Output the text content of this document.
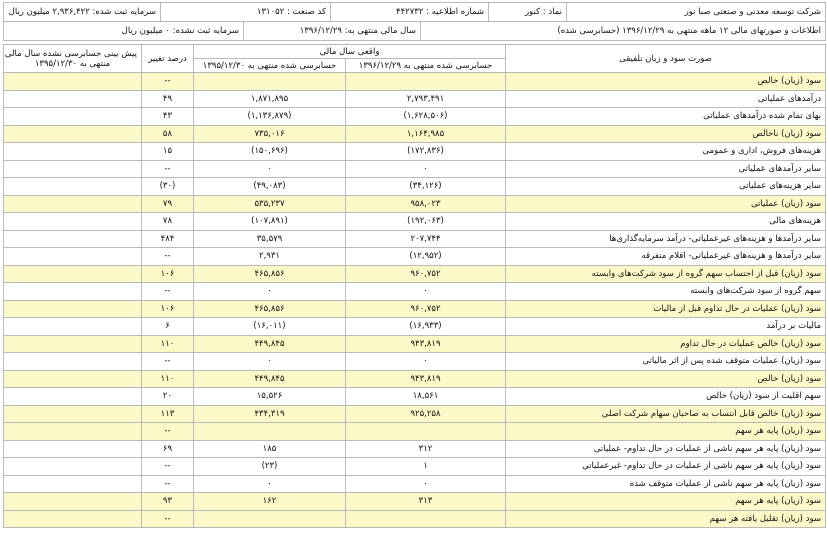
سرمایه ثبت شده: ۲,۹۳۶,۴۲۲ میلیون ریال	کد صنعت : ۱۳۱۰۵۲		شماره اطلاعیه : ۴۴۲۷۳۲		نماد : کنور	شرکت توسعه معدنی و صنعتی صبا نور
سرمایه ثبت نشده: ۰ میلیون ریال		سال مالی منتهی به: ۱۳۹۶/۱۲/۲۹		اطلاعات و صورتهای مالی ۱۲ ماهه منتهی به ۱۳۹۶/۱۲/۲۹ (حسابرسی شده)		
پیش بینی حسابرسی نشده سال مالی
منتهی به ۱۳۹۵/۱۲/۳۰	درصد تغییر	واقعی سال مالی		صورت سود و زیان تلفیقی
		حسابرسی شده منتهی به ۱۳۹۵/۱۲/۳۰	حسابرسی شده منتهی به ۱۳۹۶/۱۲/۲۹	
	--			سود (زیان) خالص
	۴۹	۱,۸۷۱,۸۹۵	۲,۷۹۳,۴۹۱	درآمدهای عملیاتی
	۴۳	(۱,۱۳۶,۸۷۹)	(۱,۶۲۸,۵۰۶)	بهای تمام شده درآمدهای عملیاتی
	۵۸	۷۳۵,۰۱۶	۱,۱۶۴,۹۸۵	سود (زیان) ناخالص
	۱۵	(۱۵۰,۶۹۶)	(۱۷۲,۸۳۶)	هزینه‌های فروش، اداری و عمومی
	--	۰	۰	سایر درآمدهای عملیاتی
	(۳۰)	(۴۹,۰۸۳)	(۳۴,۱۲۶)	سایر هزینه‌های عملیاتی
	۷۹	۵۳۵,۲۳۷	۹۵۸,۰۲۳	سود (زیان) عملیاتی
	۷۸	(۱۰۷,۸۹۱)	(۱۹۲,۰۶۳)	هزینه‌های مالی
	۴۸۴	۳۵,۵۷۹	۲۰۷,۷۴۴	سایر درآمدها و هزینه‌های غیرعملیاتی- درآمد سرمایه‌گذاری‌ها
	--	۲,۹۳۱	(۱۲,۹۵۲)	سایر درآمدها و هزینه‌های غیرعملیاتی- اقلام متفرقه
	۱۰۶	۴۶۵,۸۵۶	۹۶۰,۷۵۲	سود (زیان) قبل از احتساب سهم گروه از سود شرکت‌های وابسته
	--	۰	۰	سهم گروه از سود شرکت‌های وابسته
	۱۰۶	۴۶۵,۸۵۶	۹۶۰,۷۵۲	سود (زیان) عملیات در حال تداوم قبل از مالیات
	۶	(۱۶,۰۱۱)	(۱۶,۹۳۳)	مالیات بر درآمد
	۱۱۰	۴۴۹,۸۴۵	۹۴۳,۸۱۹	سود (زیان) خالص عملیات در حال تداوم
	--	۰	۰	سود (زیان) عملیات متوقف شده پس از اثر مالیاتی
	۱۱۰	۴۴۹,۸۴۵	۹۴۳,۸۱۹	سود (زیان) خالص
	۲۰	۱۵,۵۲۶	۱۸,۵۶۱	سهم اقلیت از سود (زیان) خالص
	۱۱۳	۴۳۴,۳۱۹	۹۲۵,۲۵۸	سود (زیان) خالص قابل انتساب به صاحبان سهام شرکت اصلی
	--			سود (زیان) پایه هر سهم
	۶۹	۱۸۵	۳۱۲	سود (زیان) پایه هر سهم ناشی از عملیات در حال تداوم- عملیاتی
	--	(۲۳)	۱	سود (زیان) پایه هر سهم ناشی از عملیات در حال تداوم- غیرعملیاتی
	--	۰	۰	سود (زیان) پایه هر سهم ناشی از عملیات متوقف شده
	۹۳	۱۶۲	۳۱۳	سود (زیان) پایه هر سهم
	--			سود (زیان) تقلیل یافته هر سهم
